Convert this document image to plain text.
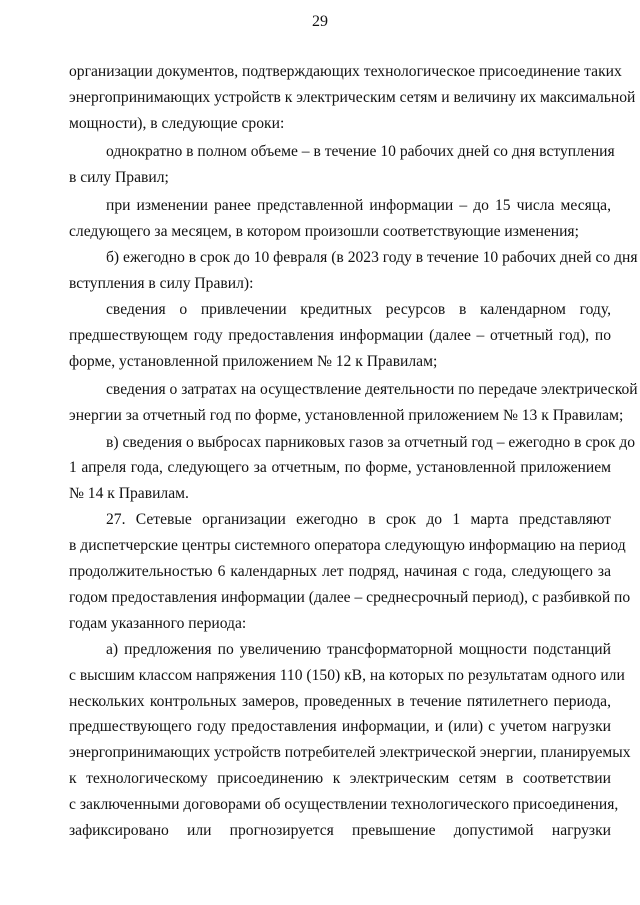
29
организации документов, подтверждающих технологическое присоединение таких
энергопринимающих устройств к электрическим сетям и величину их максимальной
мощности), в следующие сроки:
однократно в полном объеме – в течение 10 рабочих дней со дня вступления
в силу Правил;
при изменении ранее представленной информации – до 15 числа месяца,
следующего за месяцем, в котором произошли соответствующие изменения;
б) ежегодно в срок до 10 февраля (в 2023 году в течение 10 рабочих дней со дня
вступления в силу Правил):
сведения о привлечении кредитных ресурсов в календарном году,
предшествующем году предоставления информации (далее – отчетный год), по
форме, установленной приложением № 12 к Правилам;
сведения о затратах на осуществление деятельности по передаче электрической
энергии за отчетный год по форме, установленной приложением № 13 к Правилам;
в) сведения о выбросах парниковых газов за отчетный год – ежегодно в срок до
1 апреля года, следующего за отчетным, по форме, установленной приложением
№ 14 к Правилам.
27. Сетевые организации ежегодно в срок до 1 марта представляют
в диспетчерские центры системного оператора следующую информацию на период
продолжительностью 6 календарных лет подряд, начиная с года, следующего за
годом предоставления информации (далее – среднесрочный период), с разбивкой по
годам указанного периода:
а) предложения по увеличению трансформаторной мощности подстанций
с высшим классом напряжения 110 (150) кВ, на которых по результатам одного или
нескольких контрольных замеров, проведенных в течение пятилетнего периода,
предшествующего году предоставления информации, и (или) с учетом нагрузки
энергопринимающих устройств потребителей электрической энергии, планируемых
к технологическому присоединению к электрическим сетям в соответствии
с заключенными договорами об осуществлении технологического присоединения,
зафиксировано или прогнозируется превышение допустимой нагрузки
